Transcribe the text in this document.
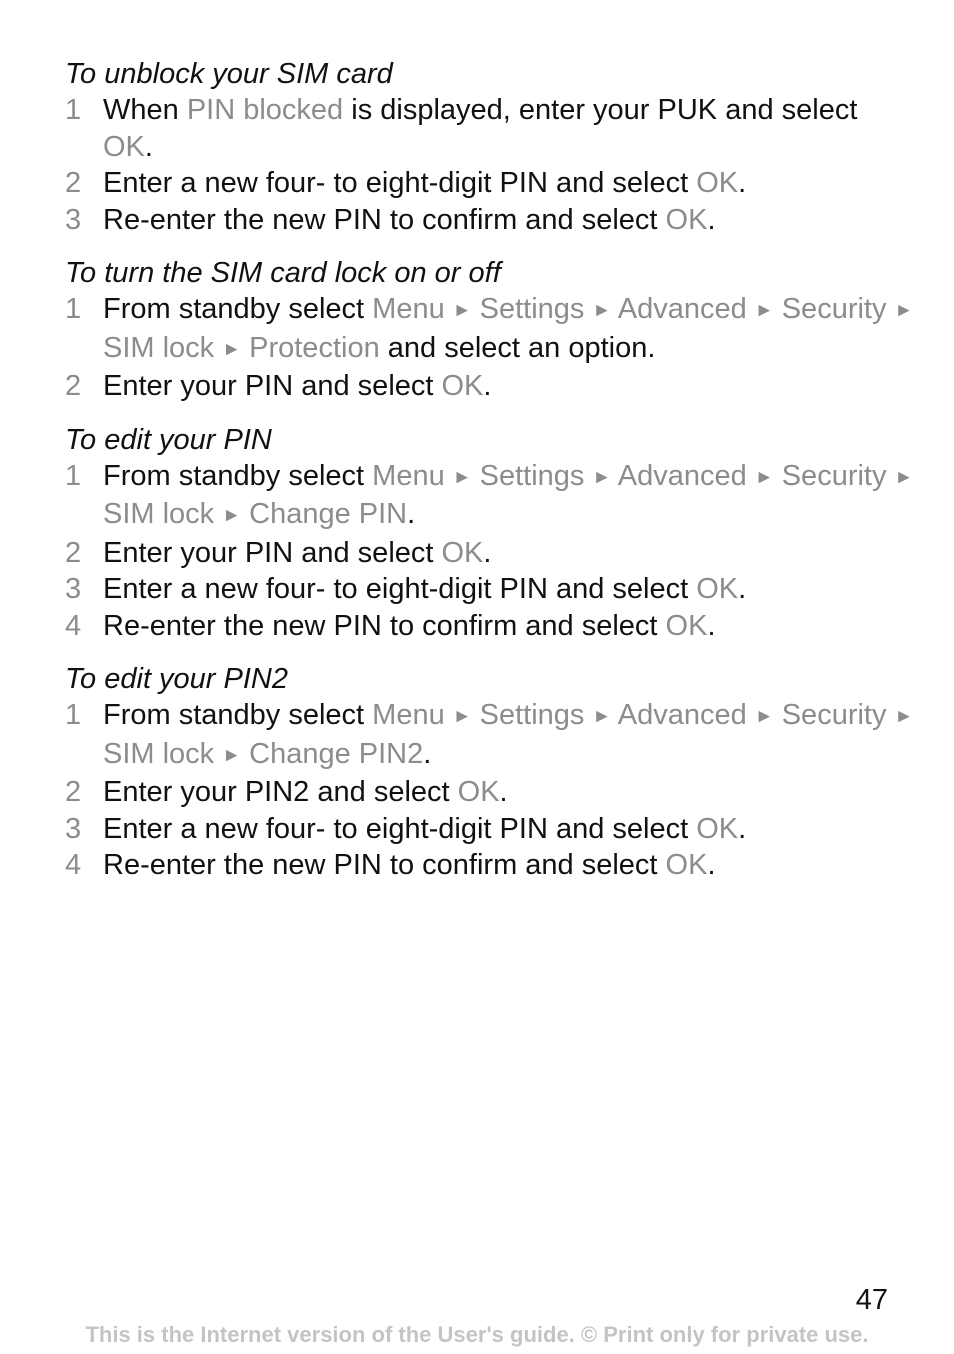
To unblock your SIM card
1 When PIN blocked is displayed, enter your PUK and select OK.
2 Enter a new four- to eight-digit PIN and select OK.
3 Re-enter the new PIN to confirm and select OK.
To turn the SIM card lock on or off
1 From standby select Menu ► Settings ► Advanced ► Security ► SIM lock ► Protection and select an option.
2 Enter your PIN and select OK.
To edit your PIN
1 From standby select Menu ► Settings ► Advanced ► Security ► SIM lock ► Change PIN.
2 Enter your PIN and select OK.
3 Enter a new four- to eight-digit PIN and select OK.
4 Re-enter the new PIN to confirm and select OK.
To edit your PIN2
1 From standby select Menu ► Settings ► Advanced ► Security ► SIM lock ► Change PIN2.
2 Enter your PIN2 and select OK.
3 Enter a new four- to eight-digit PIN and select OK.
4 Re-enter the new PIN to confirm and select OK.
47
This is the Internet version of the User's guide. © Print only for private use.
